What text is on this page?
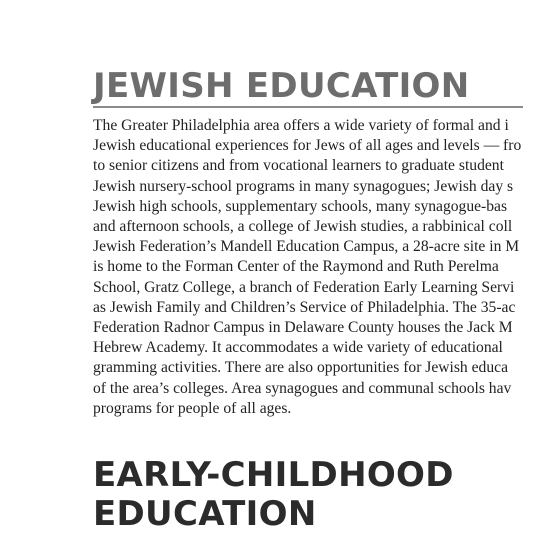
JEWISH EDUCATION

The Greater Philadelphia area offers a wide variety of formal and i
Jewish educational experiences for Jews of all ages and levels — fro
to senior citizens and from vocational learners to graduate student
Jewish nursery-school programs in many synagogues; Jewish day s
Jewish high schools, supplementary schools, many synagogue-bas
and afternoon schools, a college of Jewish studies, a rabbinical coll
Jewish Federation’s Mandell Education Campus, a 28-acre site in M
is home to the Forman Center of the Raymond and Ruth Perelma
School, Gratz College, a branch of Federation Early Learning Servi
as Jewish Family and Children’s Service of Philadelphia. The 35-ac
Federation Radnor Campus in Delaware County houses the Jack M
Hebrew Academy. It accommodates a wide variety of educational
gramming activities. There are also opportunities for Jewish educa
of the area’s colleges. Area synagogues and communal schools hav
programs for people of all ages.

EARLY-CHILDHOOD
EDUCATION
